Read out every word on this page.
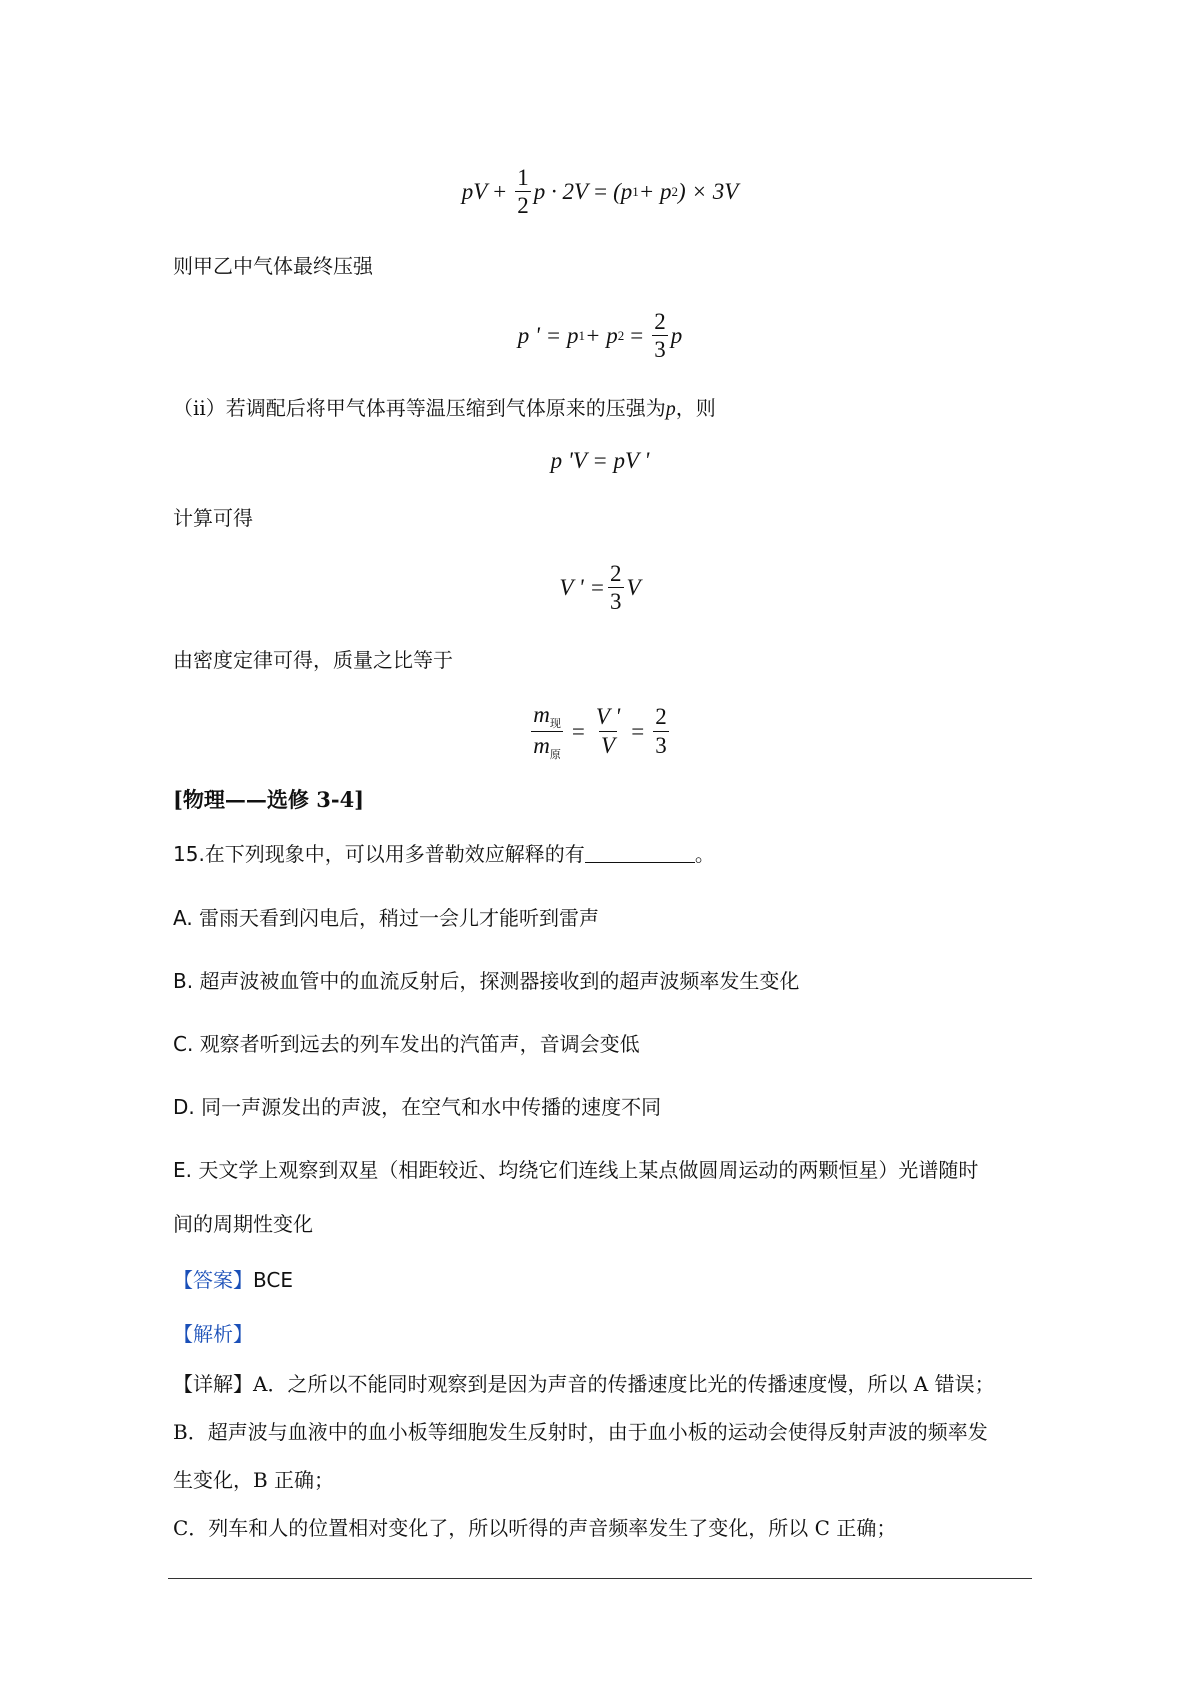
pV + $\frac{1}{2}$ p · 2V = (p 1 + p 2 ) × 3V
则甲乙中气体最终压强
p ' = p 1 + p $2 = \frac{2}{3}$ p
（ii）若调配后将甲气体再等温压缩到气体原来的压强为p，则
p 'V = pV '
计算可得
V ' = $\frac{2}{3}$ V
由密度定律可得，质量之比等于
$\frac{m_现}{m_原} = \frac{V '}{V} = \frac{2}{3}$
[物理——选修 3-4]
15.在下列现象中，可以用多普勒效应解释的有	。
A. 雷雨天看到闪电后，稍过一会儿才能听到雷声
B. 超声波被血管中的血流反射后，探测器接收到的超声波频率发生变化
C. 观察者听到远去的列车发出的汽笛声，音调会变低
D. 同一声源发出的声波，在空气和水中传播的速度不同
E. 天文学上观察到双星（相距较近、均绕它们连线上某点做圆周运动的两颗恒星）光谱随时
间的周期性变化
【答案】BCE
【解析】
【详解】A．之所以不能同时观察到是因为声音的传播速度比光的传播速度慢，所以 A 错误；
B．超声波与血液中的血小板等细胞发生反射时，由于血小板的运动会使得反射声波的频率发
生变化，B 正确；
C．列车和人的位置相对变化了，所以听得的声音频率发生了变化，所以 C 正确；
